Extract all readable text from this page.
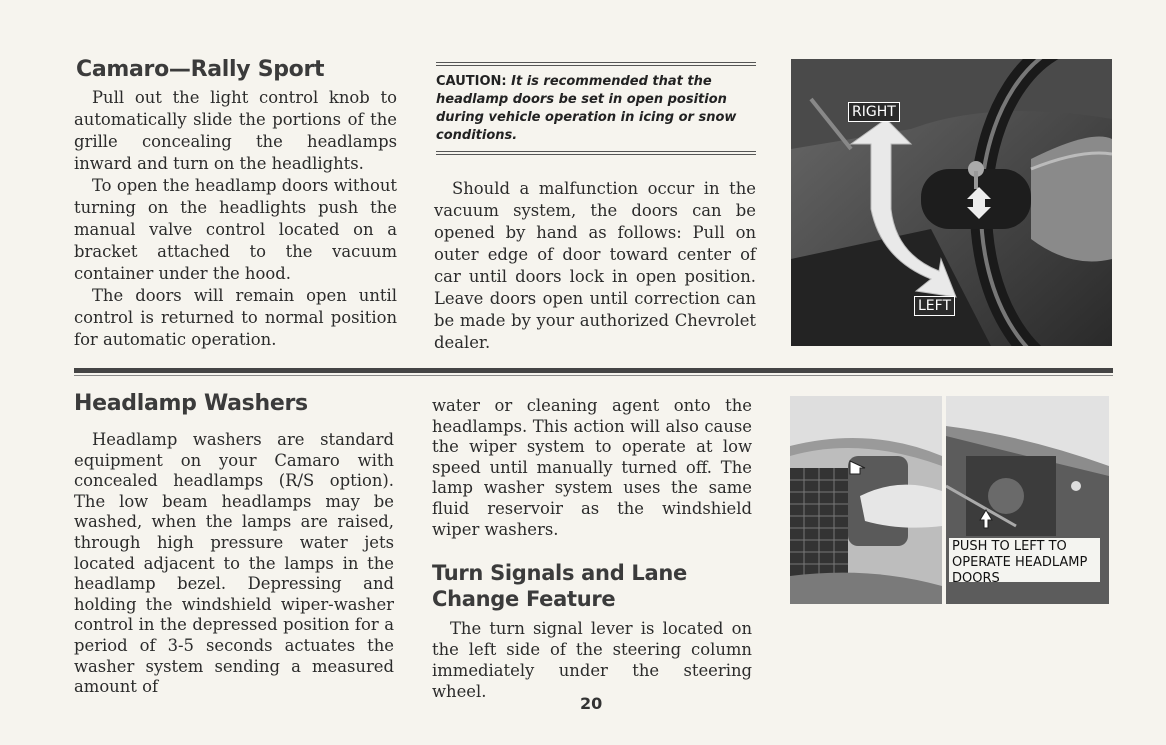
Camaro—Rally Sport

Pull out the light control knob to automatically slide the portions of the grille concealing the headlamps inward and turn on the headlights.

To open the headlamp doors without turning on the headlights push the manual valve control located on a bracket attached to the vacuum container under the hood.

The doors will remain open until control is returned to normal position for automatic operation.

CAUTION: It is recommended that the headlamp doors be set in open position during vehicle operation in icing or snow conditions.

Should a malfunction occur in the vacuum system, the doors can be opened by hand as follows: Pull on outer edge of door toward center of car until doors lock in open position. Leave doors open until correction can be made by your authorized Chevrolet dealer.

RIGHT
LEFT
Headlamp Washers

Headlamp washers are standard equipment on your Camaro with concealed headlamps (R/S option). The low beam headlamps may be washed, when the lamps are raised, through high pressure water jets located adjacent to the lamps in the headlamp bezel. Depressing and holding the windshield wiper-washer control in the depressed position for a period of 3-5 seconds actuates the washer system sending a measured amount of

water or cleaning agent onto the headlamps. This action will also cause the wiper system to operate at low speed until manually turned off. The lamp washer system uses the same fluid reservoir as the windshield wiper washers.

Turn Signals and Lane
Change Feature

The turn signal lever is located on the left side of the steering column immediately under the steering wheel.

PUSH TO LEFT TO OPERATE HEADLAMP DOORS
20
